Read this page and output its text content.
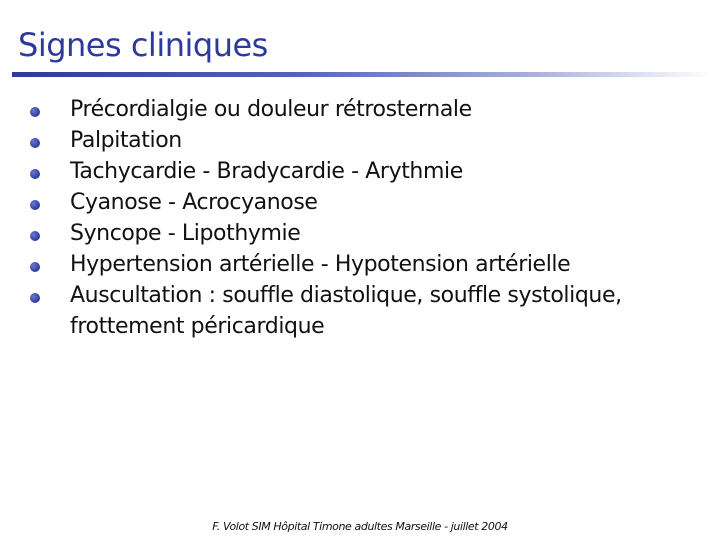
Signes cliniques
Précordialgie ou douleur rétrosternale
Palpitation
Tachycardie - Bradycardie - Arythmie
Cyanose - Acrocyanose
Syncope - Lipothymie
Hypertension artérielle - Hypotension artérielle
Auscultation : souffle diastolique, souffle systolique, frottement péricardique
F. Volot SIM Hôpital Timone adultes Marseille - juillet 2004
